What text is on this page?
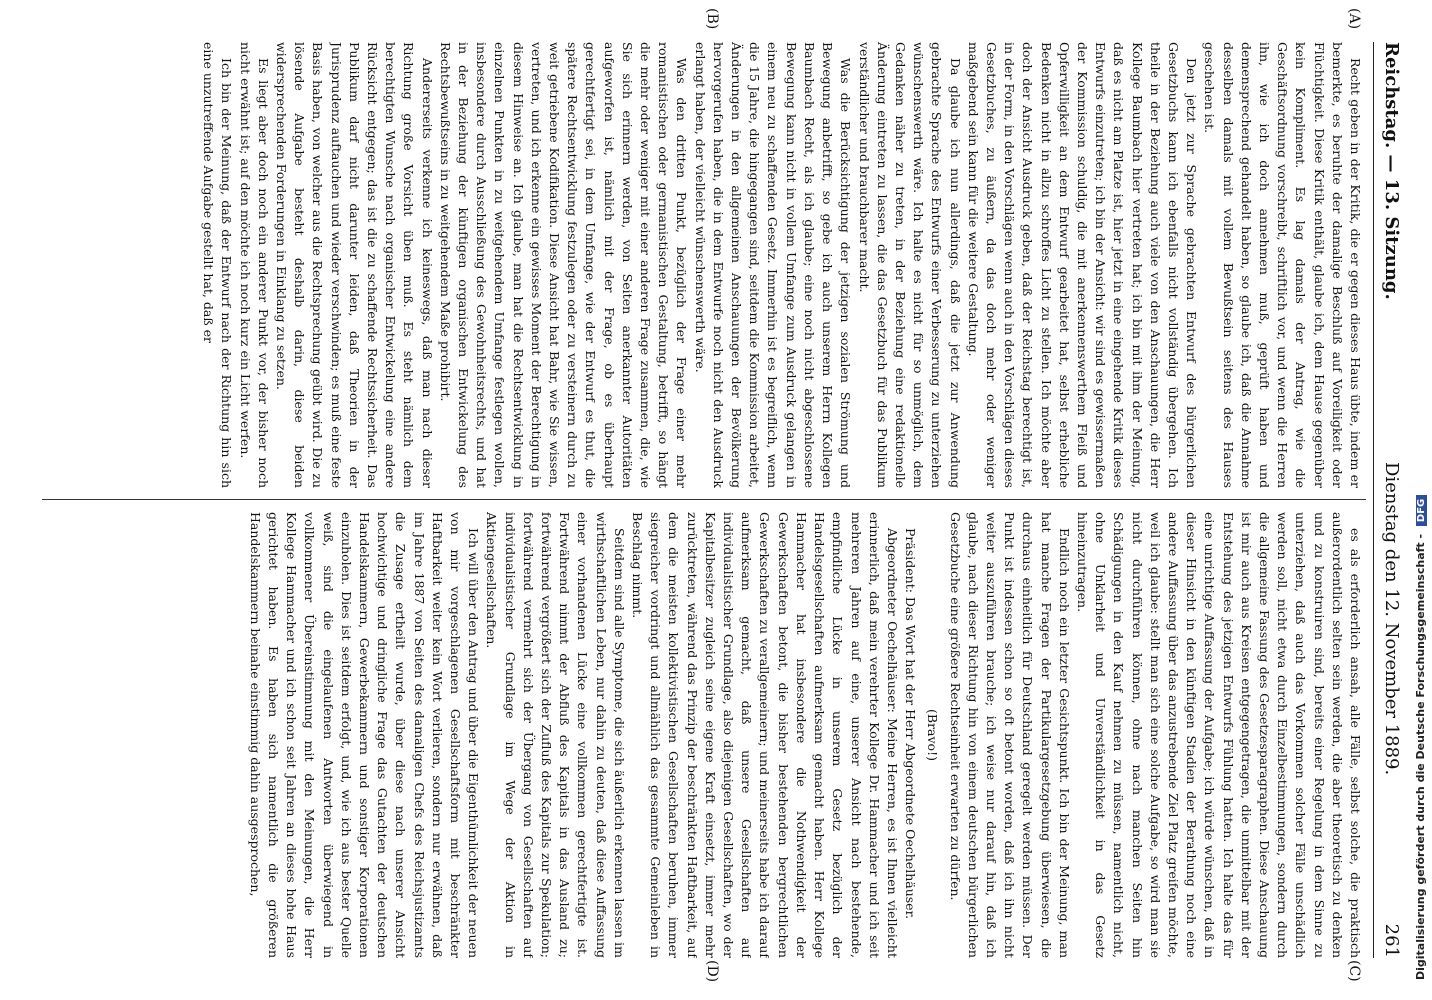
Reichstag. — 13. Sitzung.
Dienstag den 12. November 1889.
261

Recht geben in der Kritik, die er gegen dieses Haus übte, indem er bemerkte, es beruhte der damalige Beschluß auf Voreiligkeit oder Flüchtigkeit. Diese Kritik enthält, glaube ich, dem Hause gegenüber kein Kompliment. Es lag damals der Antrag, wie die Geschäftsordnung vorschreibt, schriftlich vor, und wenn die Herren ihn, wie ich doch annehmen muß, geprüft haben und demensprechend gehandelt haben, so glaube ich, daß die Annahme desselben damals mit vollem Bewußtsein seitens des Hauses geschehen ist.

Den jetzt zur Sprache gebrachten Entwurf des bürgerlichen Gesetzbuchs kann ich ebenfalls nicht vollständig übergehen. Ich theile in der Beziehung auch viele von den Anschauungen, die Herr Kollege Baumbach hier vertreten hat; ich bin mit ihm der Meinung, daß es nicht am Platze ist, hier jetzt in eine eingehende Kritik dieses Entwurfs einzutreten; ich bin der Ansicht: wir sind es gewissermaßen der Kommission schuldig, die mit anerkennenswerthem Fleiß und Opferwilligkeit an dem Entwurf gearbeitet hat, selbst erhebliche Bedenken nicht in allzu schroffes Licht zu stellen. Ich möchte aber doch der Ansicht Ausdruck geben, daß der Reichstag berechtigt ist, in der Form, in den Vorschlägen wenn auch in den Vorschlägen dieses Gesetzbuches, zu äußern, da das doch mehr oder weniger maßgebend sein kann für die weitere Gestaltung.

Da glaube ich nun allerdings, daß die jetzt zur Anwendung gebrachte Sprache des Entwurfs einer Verbesserung zu unterziehen wünschenswerth wäre. Ich halte es nicht für so unmöglich, dem Gedanken näher zu treten, in der Beziehung eine redaktionelle Änderung eintreten zu lassen, die das Gesetzbuch für das Publikum verständlicher und brauchbarer macht.

Was die Berücksichtigung der jetzigen sozialen Strömung und Bewegung anbetrifft, so gebe ich auch unserem Herrn Kollegen Baumbach Recht, als ich glaube; eine noch nicht abgeschlossene Bewegung kann nicht in vollem Umfange zum Ausdruck gelangen in einem neu zu schaffenden Gesetz. Immerhin ist es begreiflich, wenn die 15 Jahre, die hingegangen sind, seitdem die Kommission arbeitet, Änderungen in den allgemeinen Anschauungen der Bevölkerung hervorgerufen haben, die in dem Entwurfe noch nicht den Ausdruck erlangt haben, der vielleicht wünschenswerth wäre.

Was den dritten Punkt, bezüglich der Frage einer mehr romanistischen oder germanistischen Gestaltung, betrifft, so hängt die mehr oder weniger mit einer anderen Frage zusammen, die, wie Sie sich erinnern werden, von Seiten anerkannter Autoritäten aufgeworfen ist, nämlich mit der Frage, ob es überhaupt gerechtfertigt sei, in dem Umfange, wie der Entwurf es thut, die spätere Rechtsentwicklung festzulegen oder zu versteinern durch zu weit getriebene Kodifikation. Diese Ansicht hat Bahr, wie Sie wissen, vertreten, und ich erkenne ein gewisses Moment der Berechtigung in diesem Hinweise an. Ich glaube, man hat die Rechtsentwicklung in einzelnen Punkten in zu weitgehendem Umfange festlegen wollen, insbesondere durch Ausschließung des Gewohnheitsrechts, und hat in der Beziehung der künftigen organischen Entwickelung des Rechtsbewußtseins in zu weitgehendem Maße prohibirt.

Andererseits verkenne ich keineswegs, daß man nach dieser Richtung große Vorsicht üben muß. Es steht nämlich dem berechtigten Wunsche nach organischer Entwickelung eine andere Rücksicht entgegen; das ist die zu schaffende Rechtssicherheit. Das Publikum darf nicht darunter leiden, daß Theorien in der Jurisprudenz auftauchen und wieder verschwinden; es muß eine feste Basis haben, von welcher aus die Rechtsprechung geübt wird. Die zu lösende Aufgabe besteht deshalb darin, diese beiden widersprechenden Forderungen in Einklang zu setzen.

Es liegt aber doch noch ein anderer Punkt vor, der bisher noch nicht erwähnt ist; auf den möchte ich noch kurz ein Licht werfen.

Ich bin der Meinung, daß der Entwurf nach der Richtung hin sich eine unzutreffende Aufgabe gestellt hat, daß er

es als erforderlich ansah, alle Fälle, selbst solche, die praktisch außerordentlich selten sein werden, die aber theoretisch zu denken und zu konstruiren sind, bereits einer Regelung in dem Sinne zu unterziehen, daß auch das Vorkommen solcher Fälle unschädlich werden soll, nicht etwa durch Einzelbestimmungen, sondern durch die allgemeine Fassung des Gesetzesparagraphen. Diese Anschauung ist mir auch aus Kreisen entgegengetragen, die unmittelbar mit der Entstehung des jetzigen Entwurfs Fühlung hatten. Ich halte das für eine unrichtige Auffassung der Aufgabe; ich würde wünschen, daß in dieser Hinsicht in den künftigen Stadien der Berathung noch eine andere Auffassung über das anzustrebende Ziel Platz greifen möchte, weil ich glaube: stellt man sich eine solche Aufgabe, so wird man sie nicht durchführen können, ohne nach manchen Seiten hin Schädigungen in den Kauf nehmen zu müssen, namentlich nicht, ohne Unklarheit und Unverständlichkeit in das Gesetz hineinzutragen.

Endlich noch ein letzter Gesichtspunkt. Ich bin der Meinung, man hat manche Fragen der Partikulargesetzgebung überwiesen, die durchaus einheitlich für Deutschland geregelt werden müssen. Der Punkt ist indessen schon so oft betont worden, daß ich ihn nicht weiter auszuführen brauche; ich weise nur darauf hin, daß ich glaube, nach dieser Richtung hin von einem deutschen bürgerlichen Gesetzbuche eine größere Rechtseinheit erwarten zu dürfen.

(Bravo!)

Präsident: Das Wort hat der Herr Abgeordnete Oechelhäuser.

Abgeordneter Oechelhäuser: Meine Herren, es ist Ihnen vielleicht erinnerlich, daß mein verehrter Kollege Dr. Hammacher und ich seit mehreren Jahren auf eine, unserer Ansicht nach bestehende, empfindliche Lücke in unserem Gesetz bezüglich der Handelsgesellschaften aufmerksam gemacht haben. Herr Kollege Hammacher hat insbesondere die Nothwendigkeit der Gewerkschaften betont, die bisher bestehenden bergrechtlichen Gewerkschaften zu verallgemeinern; und meinerseits habe ich darauf aufmerksam gemacht, daß unsere Gesellschaften auf individualistischer Grundlage, also diejenigen Gesellschaften, wo der Kapitalbesitzer zugleich seine eigene Kraft einsetzt, immer mehr zurücktreten, während das Prinzip der beschränkten Haftbarkeit, auf dem die meisten kollektivistischen Gesellschaften beruhen, immer siegreicher vordringt und allmählich das gesammte Gemeinleben in Beschlag nimmt.

Seitdem sind alle Symptome, die sich äußerlich erkennen lassen im wirthschaftlichen Leben, nur dahin zu deuten, daß diese Auffassung einer vorhandenen Lücke eine vollkommen gerechtfertigte ist. Fortwährend nimmt der Abfluß des Kapitals in das Ausland zu; fortwährend vergrößert sich der Zufluß des Kapitals zur Spekulation; fortwährend vermehrt sich der Übergang von Gesellschaften auf individualistischer Grundlage im Wege der Aktion in Aktiengesellschaften.

Ich will über den Antrag und über die Eigenthümlichkeit der neuen von mir vorgeschlagenen Gesellschaftsform mit beschränkter Haftbarkeit weiter kein Wort verlieren, sondern nur erwähnen, daß im Jahre 1887 von Seiten des damaligen Chefs des Reichsjustizamts die Zusage ertheilt wurde, über diese nach unserer Ansicht hochwichtige und dringliche Frage das Gutachten der deutschen Handelskammern, Gewerbekammern und sonstiger Korporationen einzuholen. Dies ist seitdem erfolgt, und, wie ich aus bester Quelle weiß, sind die eingelaufenen Antworten überwiegend in vollkommener Übereinstimmung mit den Meinungen, die Herr Kollege Hammacher und ich schon seit Jahren an dieses hohe Haus gerichtet haben. Es haben sich namentlich die größeren Handelskammern beinahe einstimmig dahin ausgesprochen,

(A)
(B)
(C)
(D)	Digitalisierung gefördert durch die Deutsche Forschungsgemeinschaft - DFG
